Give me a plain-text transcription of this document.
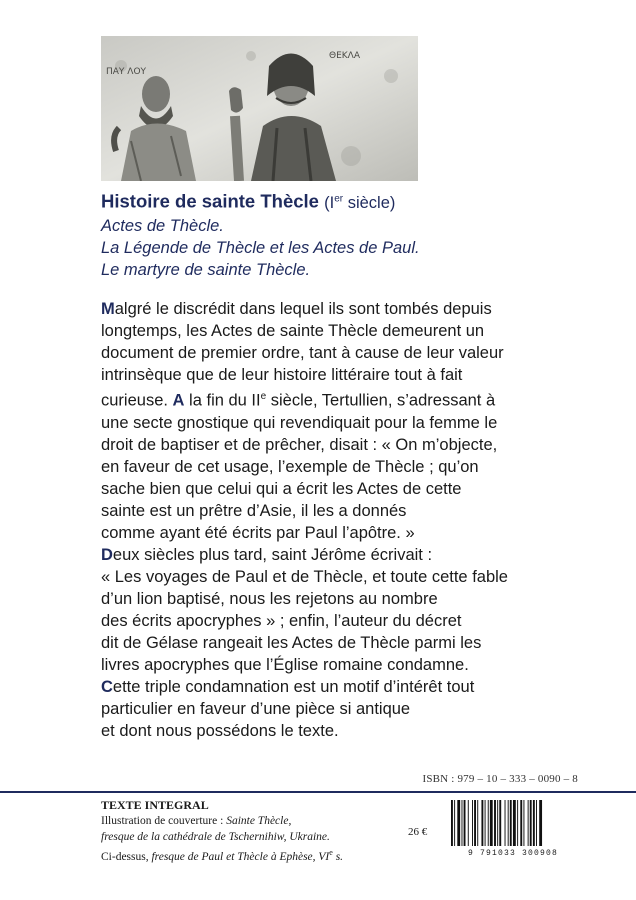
ΠΑΥ ΛΟΥ
ΘΕΚΛΑ
Histoire de sainte Thècle (Ier siècle)
Actes de Thècle.
La Légende de Thècle et les Actes de Paul.
Le martyre de sainte Thècle.
Malgré le discrédit dans lequel ils sont tombés depuis
longtemps, les Actes de sainte Thècle demeurent un
document de premier ordre, tant à cause de leur valeur
intrinsèque que de leur histoire littéraire tout à fait
curieuse. A la fin du IIe siècle, Tertullien, s’adressant à
une secte gnostique qui revendiquait pour la femme le
droit de baptiser et de prêcher, disait : « On m’objecte,
en faveur de cet usage, l’exemple de Thècle ; qu’on
sache bien que celui qui a écrit les Actes de cette
sainte est un prêtre d’Asie, il les a donnés
comme ayant été écrits par Paul l’apôtre. »
Deux siècles plus tard, saint Jérôme écrivait :
« Les voyages de Paul et de Thècle, et toute cette fable
d’un lion baptisé, nous les rejetons au nombre
des écrits apocryphes » ; enfin, l’auteur du décret
dit de Gélase rangeait les Actes de Thècle parmi les
livres apocryphes que l’Église romaine condamne.
Cette triple condamnation est un motif d’intérêt tout
particulier en faveur d’une pièce si antique
et dont nous possédons le texte.
ISBN : 979 – 10 – 333 – 0090 – 8
TEXTE INTEGRAL
Illustration de couverture : Sainte Thècle,
fresque de la cathédrale de Tschernihiw, Ukraine.
Ci-dessus, fresque de Paul et Thècle à Ephèse, VIe s.
26 €
9 791033 300908
